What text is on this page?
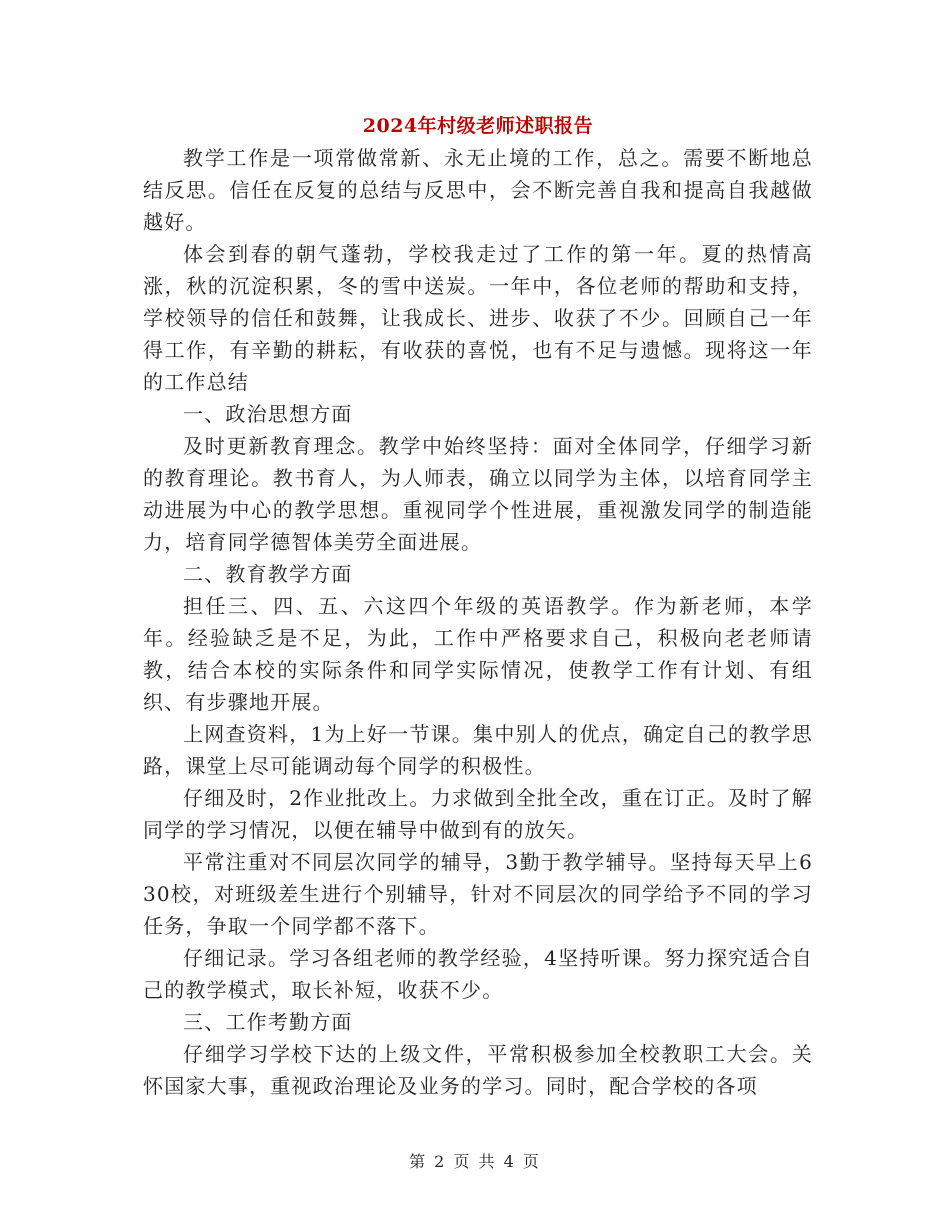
2024年村级老师述职报告

教学工作是一项常做常新、永无止境的工作，总之。需要不断地总结反思。信任在反复的总结与反思中，会不断完善自我和提高自我越做越好。

体会到春的朝气蓬勃，学校我走过了工作的第一年。夏的热情高涨，秋的沉淀积累，冬的雪中送炭。一年中，各位老师的帮助和支持，学校领导的信任和鼓舞，让我成长、进步、收获了不少。回顾自己一年得工作，有辛勤的耕耘，有收获的喜悦，也有不足与遗憾。现将这一年的工作总结

一、政治思想方面

及时更新教育理念。教学中始终坚持：面对全体同学，仔细学习新的教育理论。教书育人，为人师表，确立以同学为主体，以培育同学主动进展为中心的教学思想。重视同学个性进展，重视激发同学的制造能力，培育同学德智体美劳全面进展。

二、教育教学方面

担任三、四、五、六这四个年级的英语教学。作为新老师，本学年。经验缺乏是不足，为此，工作中严格要求自己，积极向老老师请教，结合本校的实际条件和同学实际情况，使教学工作有计划、有组织、有步骤地开展。

上网查资料，1为上好一节课。集中别人的优点，确定自己的教学思路，课堂上尽可能调动每个同学的积极性。

仔细及时，2作业批改上。力求做到全批全改，重在订正。及时了解同学的学习情况，以便在辅导中做到有的放矢。

平常注重对不同层次同学的辅导，3勤于教学辅导。坚持每天早上630校，对班级差生进行个别辅导，针对不同层次的同学给予不同的学习任务，争取一个同学都不落下。

仔细记录。学习各组老师的教学经验，4坚持听课。努力探究适合自己的教学模式，取长补短，收获不少。

三、工作考勤方面

仔细学习学校下达的上级文件，平常积极参加全校教职工大会。关怀国家大事，重视政治理论及业务的学习。同时，配合学校的各项

第 2 页 共 4 页
